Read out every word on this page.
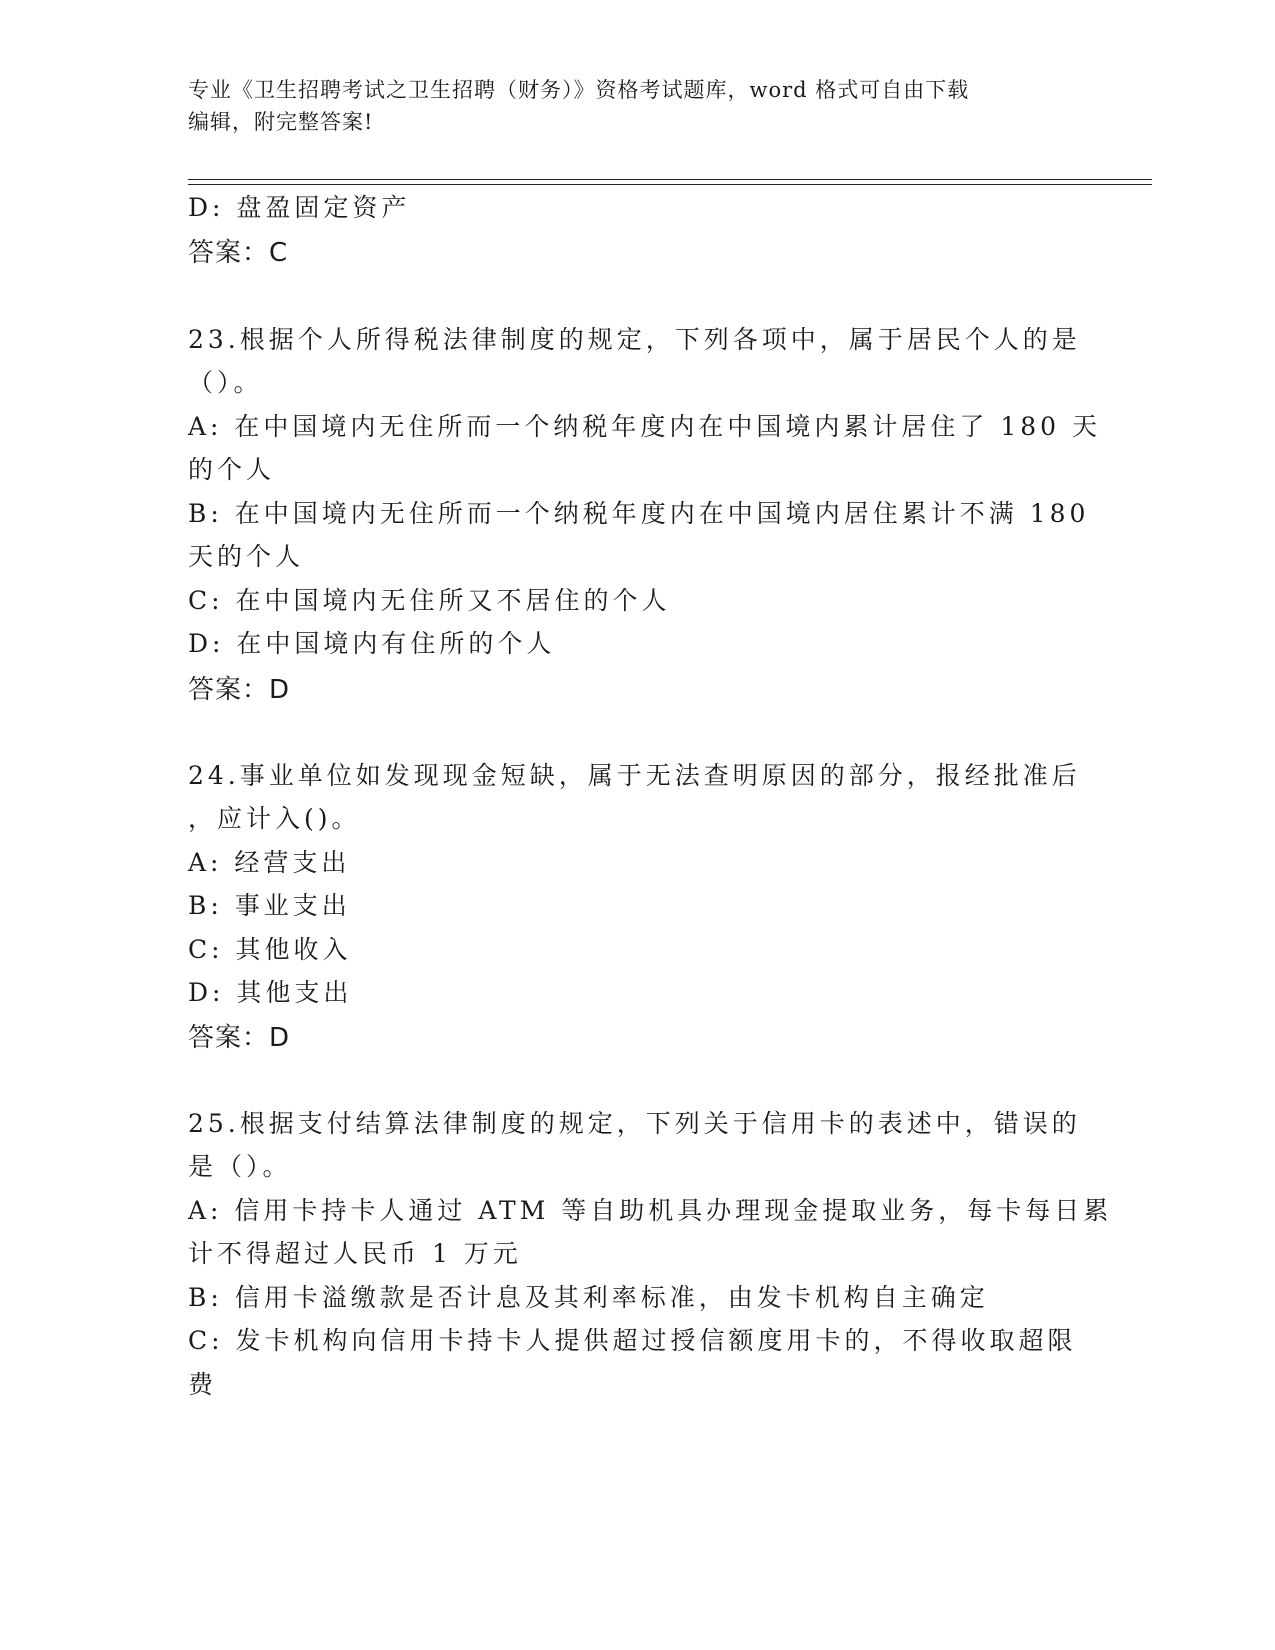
专业《卫生招聘考试之卫生招聘（财务）》资格考试题库，word 格式可自由下载
编辑，附完整答案!
D: 盘盈固定资产
答案：C
23.根据个人所得税法律制度的规定，下列各项中，属于居民个人的是
（）。
A: 在中国境内无住所而一个纳税年度内在中国境内累计居住了 180 天
的个人
B: 在中国境内无住所而一个纳税年度内在中国境内居住累计不满 180
天的个人
C: 在中国境内无住所又不居住的个人
D: 在中国境内有住所的个人
答案：D
24.事业单位如发现现金短缺，属于无法查明原因的部分，报经批准后
，应计入()。
A: 经营支出
B: 事业支出
C: 其他收入
D: 其他支出
答案：D
25.根据支付结算法律制度的规定，下列关于信用卡的表述中，错误的
是（）。
A: 信用卡持卡人通过 ATM 等自助机具办理现金提取业务，每卡每日累
计不得超过人民币 1 万元
B: 信用卡溢缴款是否计息及其利率标准，由发卡机构自主确定
C: 发卡机构向信用卡持卡人提供超过授信额度用卡的，不得收取超限
费
